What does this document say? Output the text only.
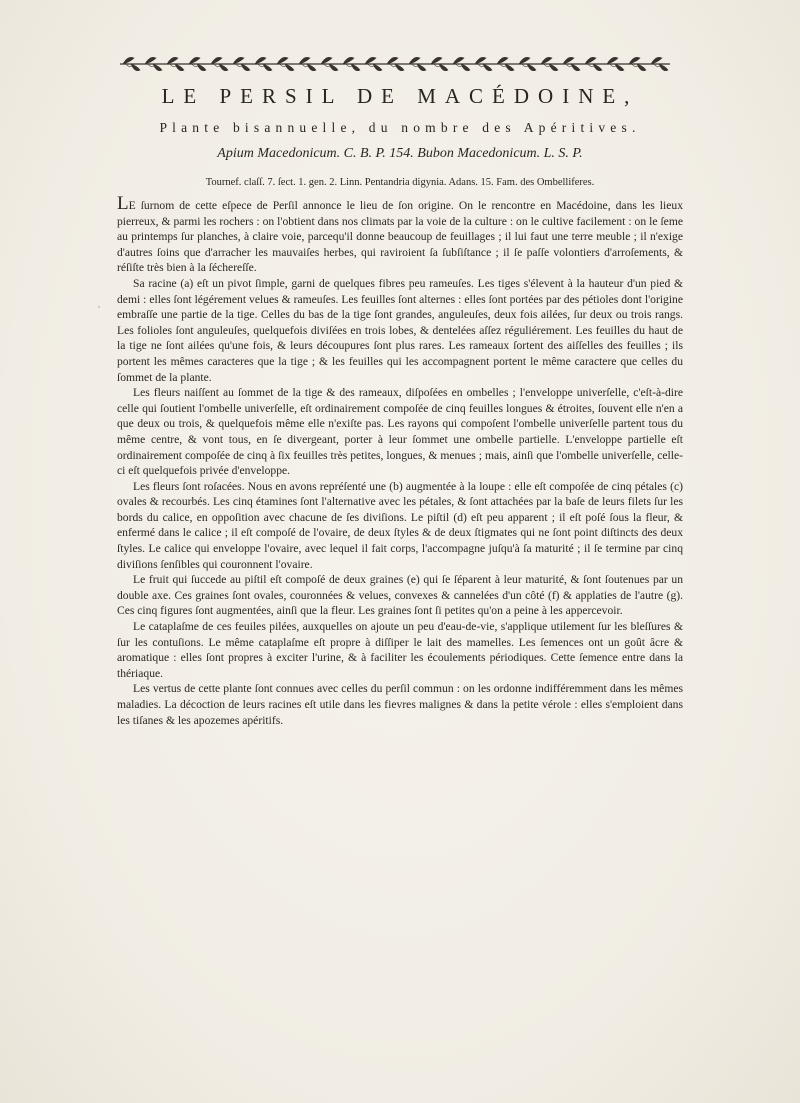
LE PERSIL DE MACÉDOINE,
Plante bisannuelle, du nombre des Apéritives.
Apium Macedonicum. C. B. P. 154. Bubon Macedonicum. L. S. P.
Tournef. claſſ. 7. ſect. 1. gen. 2. Linn. Pentandria digynia. Adans. 15. Fam. des Ombelliferes.
,

LE ſurnom de cette eſpece de Perſil annonce le lieu de ſon origine. On le rencontre en Macédoine, dans les lieux pierreux, & parmi les rochers : on l'obtient dans nos climats par la voie de la culture : on le cultive facilement : on le ſeme au printemps ſur planches, à claire voie, parcequ'il donne beaucoup de feuillages ; il lui faut une terre meuble ; il n'exige d'autres ſoins que d'arracher les mauvaiſes herbes, qui raviroient ſa ſubſiſtance ; il ſe paſſe volontiers d'arroſements, & réſiſte très bien à la ſéchereſſe.

Sa racine (a) eſt un pivot ſimple, garni de quelques fibres peu rameuſes. Les tiges s'élevent à la hauteur d'un pied & demi : elles ſont légérement velues & rameuſes. Les feuilles ſont alternes : elles ſont portées par des pétioles dont l'origine embraſſe une partie de la tige. Celles du bas de la tige ſont grandes, anguleuſes, deux fois ailées, ſur deux ou trois rangs. Les folioles ſont anguleuſes, quelquefois diviſées en trois lobes, & dentelées aſſez réguliérement. Les feuilles du haut de la tige ne ſont ailées qu'une fois, & leurs découpures ſont plus rares. Les rameaux ſortent des aiſſelles des feuilles ; ils portent les mêmes caracteres que la tige ; & les feuilles qui les accompagnent portent le même caractere que celles du ſommet de la plante.

Les fleurs naiſſent au ſommet de la tige & des rameaux, diſpoſées en ombelles ; l'enveloppe univerſelle, c'eſt-à-dire celle qui ſoutient l'ombelle univerſelle, eſt ordinairement compoſée de cinq feuilles longues & étroites, ſouvent elle n'en a que deux ou trois, & quelquefois même elle n'exiſte pas. Les rayons qui compoſent l'ombelle univerſelle partent tous du même centre, & vont tous, en ſe divergeant, porter à leur ſommet une ombelle partielle. L'enveloppe partielle eſt ordinairement compoſée de cinq à ſix feuilles très petites, longues, & menues ; mais, ainſi que l'ombelle univerſelle, celle-ci eſt quelquefois privée d'enveloppe.

Les fleurs ſont roſacées. Nous en avons repréſenté une (b) augmentée à la loupe : elle eſt compoſée de cinq pétales (c) ovales & recourbés. Les cinq étamines ſont l'alternative avec les pétales, & ſont attachées par la baſe de leurs filets ſur les bords du calice, en oppoſition avec chacune de ſes diviſions. Le piſtil (d) eſt peu apparent ; il eſt poſé ſous la fleur, & enfermé dans le calice ; il eſt compoſé de l'ovaire, de deux ſtyles & de deux ſtigmates qui ne ſont point diſtincts des deux ſtyles. Le calice qui enveloppe l'ovaire, avec lequel il fait corps, l'accompagne juſqu'à ſa maturité ; il ſe termine par cinq diviſions ſenſibles qui couronnent l'ovaire.

Le fruit qui ſuccede au piſtil eſt compoſé de deux graines (e) qui ſe ſéparent à leur maturité, & ſont ſoutenues par un double axe. Ces graines ſont ovales, couronnées & velues, convexes & cannelées d'un côté (f) & applaties de l'autre (g). Ces cinq figures ſont augmentées, ainſi que la fleur. Les graines ſont ſi petites qu'on a peine à les appercevoir.

Le cataplaſme de ces feuiles pilées, auxquelles on ajoute un peu d'eau-de-vie, s'applique utilement ſur les bleſſures & ſur les contuſions. Le même cataplaſme eſt propre à diſſiper le lait des mamelles. Les ſemences ont un goût âcre & aromatique : elles ſont propres à exciter l'urine, & à faciliter les écoulements périodiques. Cette ſemence entre dans la thériaque.

Les vertus de cette plante ſont connues avec celles du perſil commun : on les ordonne indifféremment dans les mêmes maladies. La décoction de leurs racines eſt utile dans les fievres malignes & dans la petite vérole : elles s'emploient dans les tiſanes & les apozemes apéritifs.
